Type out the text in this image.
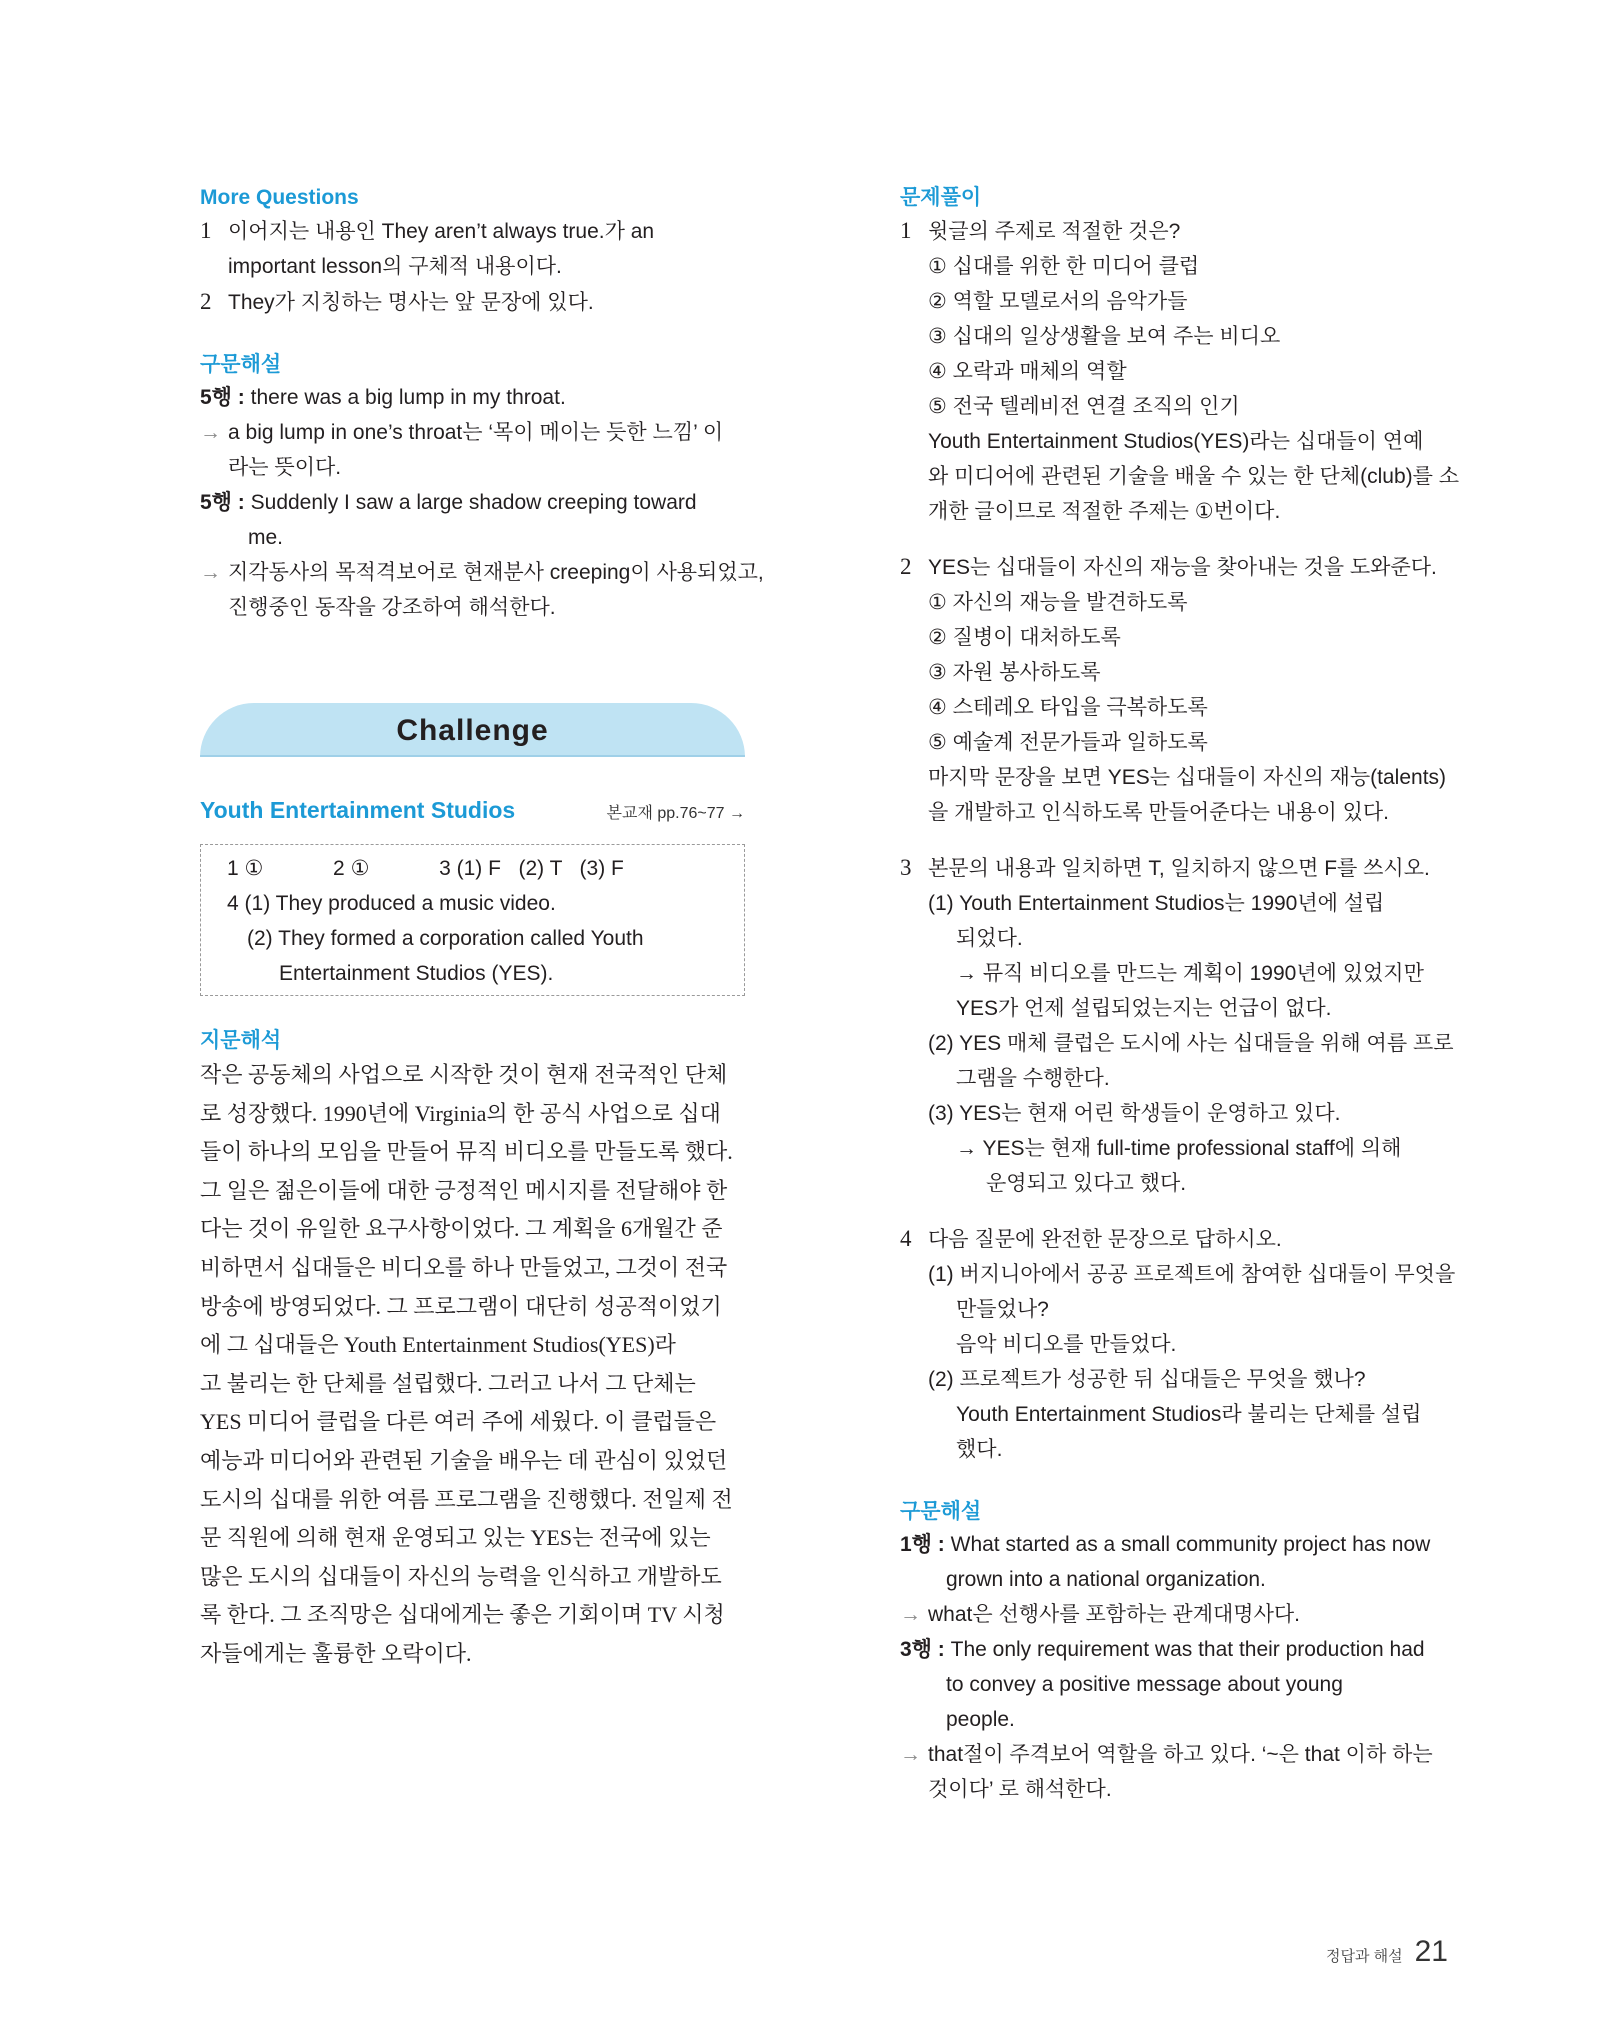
More Questions
1 이어지는 내용인 They aren’t always true.가 an
important lesson의 구체적 내용이다.
2 They가 지칭하는 명사는 앞 문장에 있다.
구문해설
5행 : there was a big lump in my throat.
→ a big lump in one’s throat는 ‘목이 메이는 듯한 느낌’ 이
라는 뜻이다.
5행 : Suddenly I saw a large shadow creeping toward
me.
→ 지각동사의 목적격보어로 현재분사 creeping이 사용되었고,
진행중인 동작을 강조하여 해석한다.
Challenge
Youth Entertainment Studios	본교재 pp.76~77 →
1 ①	2 ①	3 (1) F   (2) T   (3) F
4 (1) They produced a music video.
(2) They formed a corporation called Youth
Entertainment Studios (YES).
지문해석
작은 공동체의 사업으로 시작한 것이 현재 전국적인 단체
로 성장했다. 1990년에 Virginia의 한 공식 사업으로 십대
들이 하나의 모임을 만들어 뮤직 비디오를 만들도록 했다.
그 일은 젊은이들에 대한 긍정적인 메시지를 전달해야 한
다는 것이 유일한 요구사항이었다. 그 계획을 6개월간 준
비하면서 십대들은 비디오를 하나 만들었고, 그것이 전국
방송에 방영되었다. 그 프로그램이 대단히 성공적이었기
에 그 십대들은 Youth Entertainment Studios(YES)라
고 불리는 한 단체를 설립했다. 그러고 나서 그 단체는
YES 미디어 클럽을 다른 여러 주에 세웠다. 이 클럽들은
예능과 미디어와 관련된 기술을 배우는 데 관심이 있었던
도시의 십대를 위한 여름 프로그램을 진행했다. 전일제 전
문 직원에 의해 현재 운영되고 있는 YES는 전국에 있는
많은 도시의 십대들이 자신의 능력을 인식하고 개발하도
록 한다. 그 조직망은 십대에게는 좋은 기회이며 TV 시청
자들에게는 훌륭한 오락이다.
문제풀이
1 윗글의 주제로 적절한 것은?
① 십대를 위한 한 미디어 클럽
② 역할 모델로서의 음악가들
③ 십대의 일상생활을 보여 주는 비디오
④ 오락과 매체의 역할
⑤ 전국 텔레비전 연결 조직의 인기
Youth Entertainment Studios(YES)라는 십대들이 연예
와 미디어에 관련된 기술을 배울 수 있는 한 단체(club)를 소
개한 글이므로 적절한 주제는 ①번이다.
2 YES는 십대들이 자신의 재능을 찾아내는 것을 도와준다.
① 자신의 재능을 발견하도록
② 질병이 대처하도록
③ 자원 봉사하도록
④ 스테레오 타입을 극복하도록
⑤ 예술계 전문가들과 일하도록
마지막 문장을 보면 YES는 십대들이 자신의 재능(talents)
을 개발하고 인식하도록 만들어준다는 내용이 있다.
3 본문의 내용과 일치하면 T, 일치하지 않으면 F를 쓰시오.
(1) Youth Entertainment Studios는 1990년에 설립
되었다.
→ 뮤직 비디오를 만드는 계획이 1990년에 있었지만
YES가 언제 설립되었는지는 언급이 없다.
(2) YES 매체 클럽은 도시에 사는 십대들을 위해 여름 프로
그램을 수행한다.
(3) YES는 현재 어린 학생들이 운영하고 있다.
→ YES는 현재 full-time professional staff에 의해
운영되고 있다고 했다.
4 다음 질문에 완전한 문장으로 답하시오.
(1) 버지니아에서 공공 프로젝트에 참여한 십대들이 무엇을
만들었나?
음악 비디오를 만들었다.
(2) 프로젝트가 성공한 뒤 십대들은 무엇을 했나?
Youth Entertainment Studios라 불리는 단체를 설립
했다.
구문해설
1행 : What started as a small community project has now
grown into a national organization.
→ what은 선행사를 포함하는 관계대명사다.
3행 : The only requirement was that their production had
to convey a positive message about young
people.
→ that절이 주격보어 역할을 하고 있다. ‘~은 that 이하 하는
것이다’ 로 해석한다.
정답과 해설 21
